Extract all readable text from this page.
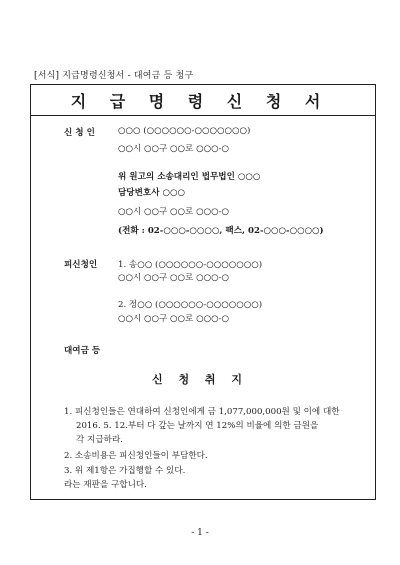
[서식] 지급명령신청서 - 대여금 등 청구
지 급 명 령 신 청 서
신 청 인	○○○ (○○○○○○-○○○○○○○)
○○시 ○○구 ○○로 ○○○-○
위 원고의 소송대리인 법무법인 ○○○
담당변호사 ○○○
○○시 ○○구 ○○로 ○○○-○
(전화 : 02-○○○-○○○○, 팩스, 02-○○○-○○○○)
피신청인 1. 송○○ (○○○○○○-○○○○○○○)
○○시 ○○구 ○○로 ○○○-○
2. 정○○ (○○○○○○-○○○○○○○)
○○시 ○○구 ○○로 ○○○-○
대여금 등
신 청 취 지
1. 피신청인들은 연대하여 신청인에게 금 1,077,000,000원 및 이에 대한
2016. 5. 12.부터 다 갚는 날까지 연 12%의 비율에 의한 금원을
각 지급하라.
2. 소송비용은 피신청인들이 부담한다.
3. 위 제1항은 가집행할 수 있다.
라는 재판을 구합니다.
- 1 -
